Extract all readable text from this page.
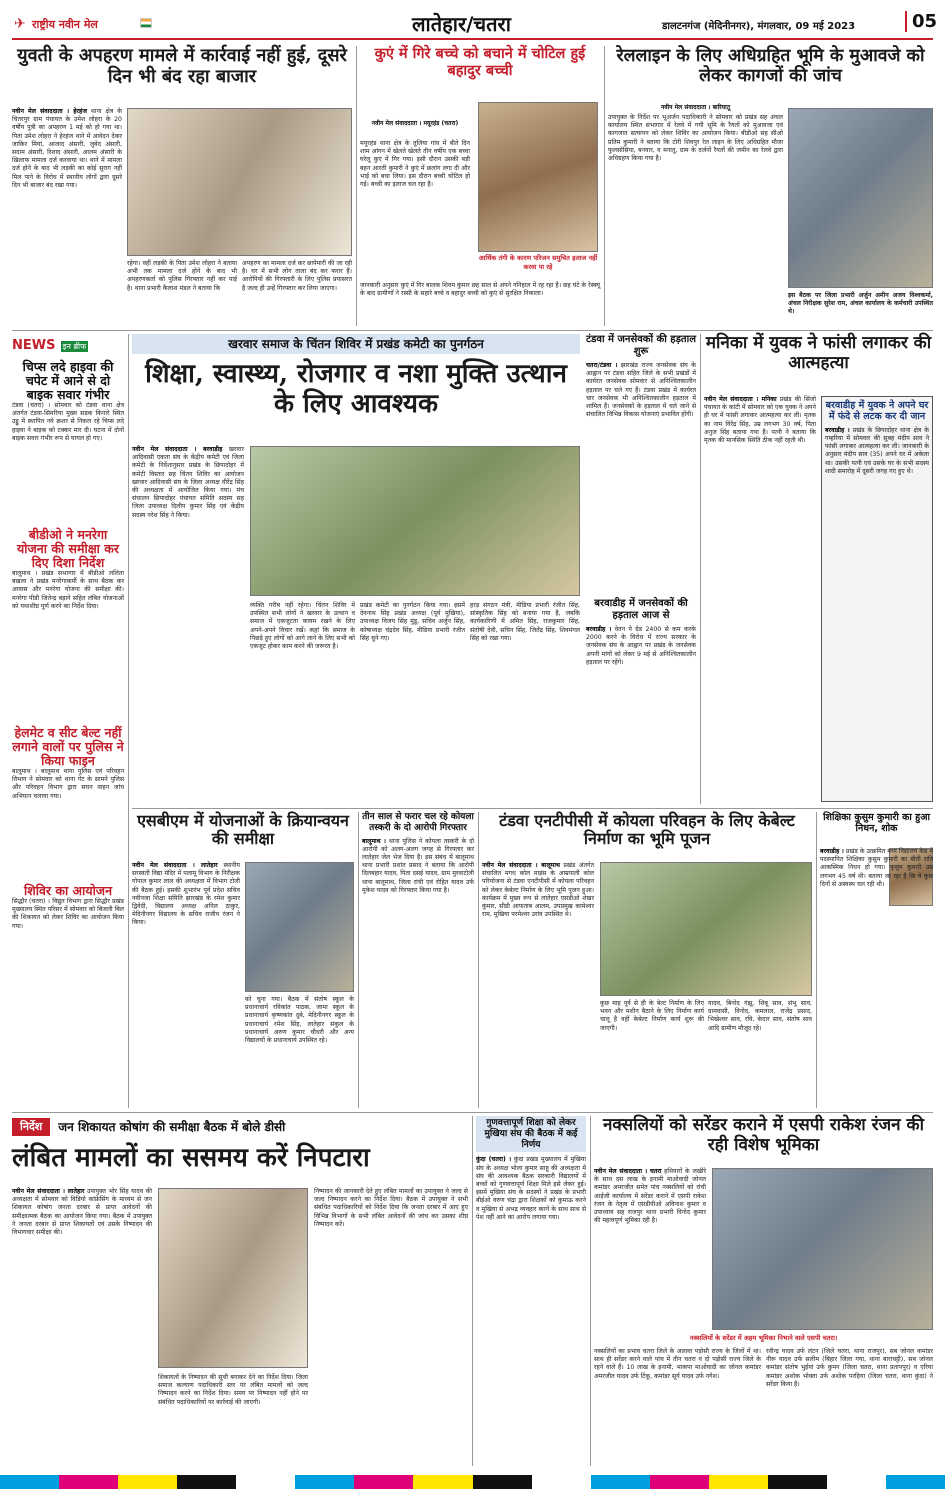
✈ राष्ट्रीय नवीन मेल	लातेहार/चतरा	डालटनगंज (मेदिनीनगर), मंगलवार, 09 मई 2023	05
युवती के अपहरण मामले में कार्रवाई नहीं हुई, दूसरे दिन भी बंद रहा बाजार
नवीन मेल संवाददाता । हेरहंज थाना क्षेत्र के चितरपुर ग्राम पंचायत के उमेश लोहरा के 20 वर्षीय पुत्री का अपहरण 1 मई को हो गया था। पिता उमेश लोहरा ने हेरहंज थाने में आवेदन देकर जाकिर मियां, आजाद अंसारी, जुबेद अंसारी, सदाम अंसारी, रिशाद अंसारी, आलम अंसारी के खिलाफ मामला दर्ज करवाया था। थाने में मामला दर्ज होने के बाद भी लड़की का कोई सुराग नहीं मिल पाने के विरोध में स्थानीय लोगों द्वारा दूसरे दिन भी बाजार बंद रखा गया।
रहेगा। वहीं लड़की के पिता उमेश लोहरा ने बताया अभी तक मामला दर्ज होने के बाद भी अपहरणकर्ता को पुलिस गिरफ्तार नहीं कर पाई है। थाना प्रभारी कैलाश मंडल ने बताया कि
अपहरण का मामला दर्ज कर छापेमारी की जा रही है। घर में सभी लोग ताला बंद कर फरार हैं। आरोपियों की गिरफ्तारी के लिए पुलिस प्रयासरत है जल्द ही उन्हें गिरफ्तार कर लिया जाएगा।
कुएं में गिरे बच्चे को बचाने में चोटिल हुई बहादुर बच्ची
नवीन मेल संवाददाता । मयूरहंड (चतरा)
मयूरहंड थाना क्षेत्र के तुलिया गांव में बीते दिन शाम आंगन में खेलते खेलते तीन वर्षीय एक बच्चा घरेलू कुएं में गिर गया। इसी दौरान उसकी बड़ी बहन आरती कुमारी ने कुएं में छलांग लगा दी और भाई को बचा लिया। इस दौरान बच्ची चोटिल हो गई। बच्ची का इलाज चल रहा है।
आर्थिक तंगी के कारण परिजन समुचित इलाज नहीं करवा पा रहे
जानकारी अनुसार कुएं में गिर बालक शिवम कुमार छह साल से अपने ननिहाल में रह रहा है। छह घंटे के रेस्क्यू के बाद ग्रामीणों ने रस्सी के सहारे बच्चे व बहादुर बच्ची को कुएं से सुरक्षित निकाला।
रेललाइन के लिए अधिग्रहित भूमि के मुआवजे को लेकर कागजों की जांच
नवीन मेल संवाददाता । बारियातू
उपायुक्त के निर्देश पर भूअर्जन पदाधिकारी ने सोमवार को प्रखंड सह अंचल कार्यालय स्थित सभागार में रेलवे में गयी भूमि के रैयतों को मुआवजा एवं कागजात सत्यापन को लेकर शिविर का आयोजन किया। बीडीओ सह सीओ प्रतिम कुमारी ने बताया कि टोरी शिवपुर रेल लाइन के लिए अधिग्रहित मौजा फुलसोसिया, बनवार, व मनातू, ग्राम के दर्जनों रैयतों की जमीन का रेलवे द्वारा अधिग्रहण किया गया है।
इस बैठक पर जिला प्रभारी अर्जुन अमीन अजय विश्वकर्मा, अंचल निरीक्षक सुरेश राम, अंचल कार्यालय के कर्मचारी उपस्थित थे।
NEWS इन ब्रीफ
चिप्स लदे हाइवा की चपेट में आने से दो बाइक सवार गंभीर
टंडवा (चतरा) । सोमवार को टंडवा थाना क्षेत्र अंतर्गत टंडवा-सिमरिया मुख्य सड़क किनारे स्थित उड्डु में स्थापित नये क्रशर से निकल रहे चिप्स लदे हाइवा ने बाइक को टक्कर मार दी। घटना में दोनों बाइक सवार गंभीर रूप से घायल हो गए।
बीडीओ ने मनरेगा योजना की समीक्षा कर दिए दिशा निर्देश
बालूमाथ । प्रखंड सभागार में बीडीओ ललिता बखला ने प्रखंड मनरेगाकर्मी के साथ बैठक कर आवास और मनरेगा योजना की समीक्षा की। मनरेगा पीडी जितेन्द्र बड़ाने सहित लंबित योजनाओं को यथाशीघ्र पूर्ण करने का निर्देश दिया।
हेलमेट व सीट बेल्ट नहीं लगाने वालों पर पुलिस ने किया फाइन
बालूमाथ । बालूमाथ थाना पुलिस एवं परिवहन विभाग ने सोमवार को थाना गेट के सामने पुलिस और परिवहन विभाग द्वारा सघन वाहन जांच अभियान चलाया गया।
शिविर का आयोजन
सिद्धौर (चतरा) । विद्युत विभाग द्वारा सिद्धौर प्रखंड मुख्यालय स्थित परिसर में सोमवार को बिजली बिल की शिकायत को लेकर शिविर का आयोजन किया गया।
खरवार समाज के चिंतन शिविर में प्रखंड कमेटी का पुनर्गठन
शिक्षा, स्वास्थ्य, रोजगार व नशा मुक्ति उत्थान के लिए आवश्यक
नवीन मेल संवाददाता । बरवाडीह खरवार आदिवासी एकता संघ के केंद्रीय कमेटी एवं जिला कमेटी के निर्देशानुसार प्रखंड के छिपादोहर में कमेटी विस्तार सह चिंतन शिविर का आयोजन खरवार आदिवासी संघ के जिला अध्यक्ष वीरेंद्र सिंह की अध्यक्षता में आयोजित किया गया। मंच संचालन छिपादोहर पंचायत समिति सदस्य सह जिला उपाध्यक्ष दिलीप कुमार सिंह एवं केंद्रीय सदस्य नरेश सिंह ने किया।
व्यक्ति गरीब नहीं रहेगा। चिंतन शिविर में उपस्थित सभी लोगों ने खरवार के उत्थान व समाज में एकजुटता कायम रखने के लिए अपने-अपने विचार रखें। कहां कि समाज के पिछड़े हुए लोगों को आगे लाने के लिए सभी को एकजुट होकर काम करने की जरूरत है।
प्रखंड कमेटी का पुनर्गठन किया गया। इसमें देवनाथ सिंह प्रखंड अध्यक्ष (पूर्व मुखिया), उपाध्यक्ष विजय सिंह मुंडू, सचिव अर्जुन सिंह, कोषाध्यक्ष चंद्रदेव सिंह, मीडिया प्रभारी रंजीत सिंह चुने गए।
हरड़ संगठन मंत्री, मीडिया प्रभारी रंजीत सिंह, सांस्कृतिक सिंह को बनाया गया है, जबकि कार्यकारिणी में अमित सिंह, राजकुमार सिंह, संतोषी देवी, सचिन सिंह, जितेंद्र सिंह, शिवमंगल सिंह को रखा गया।
टंडवा में जनसेवकों की हड़ताल शुरू
चतरा/टंडवा । झारखंड राज्य जनसेवक संघ के आह्वान पर टंडवा सहित जिले के सभी प्रखंडों में कार्यरत जनसेवक सोमवार से अनिश्चितकालीन हड़ताल पर चले गए हैं। टंडवा प्रखंड में कार्यरत चार जनसेवक भी अनिश्चितकालीन हड़ताल में शामिल हैं। जनसेवकों के हड़ताल में चले जाने से संचालित विभिन्न विकास योजनाएं प्रभावित होंगी।
बरवाडीह में जनसेवकों की हड़ताल आज से
बरवाडीह । वेतन पे ग्रेड 2400 से कम करके 2000 करने के विरोध में राज्य सरकार के जनसेवक संघ के आह्वान पर प्रखंड के जनसेवक अपनी मांगों को लेकर 9 मई से अनिश्चितकालीन हड़ताल पर रहेंगे।
मनिका में युवक ने फांसी लगाकर की आत्महत्या
नवीन मेल संवाददाता । मनिका प्रखंड की सिंजो पंचायत के कांटी में सोमवार को एक युवक ने अपने ही घर में फांसी लगाकर आत्महत्या कर ली। मृतक का नाम विरेंद्र सिंह, उम्र लगभग 30 वर्ष, पिता अनुज सिंह बताया गया है। पत्नी ने बताया कि मृतक की मानसिक स्थिति ठीक नहीं रहती थी।
बरवाडीह में युवक ने अपने घर में फंदे से लटक कर दी जान
बरवाडीह । प्रखंड के छिपादोहर थाना क्षेत्र के गम्हरिया में सोमवार की सुबह मंदीप साव ने फांसी लगाकर आत्महत्या कर ली। जानकारी के अनुसार मंदीप साव (35) अपने घर में अकेला था। उसकी पत्नी एवं उसके घर के सभी सदस्य शादी समारोह में दूसरी जगह गए हुए थे।
एसबीएम में योजनाओं के क्रियान्वयन की समीक्षा
नवीन मेल संवाददाता । लातेहार स्थानीय सरस्वती विद्या मंदिर में पलामू विभाग के निरीक्षक गोपाल कुमार लाल की अध्यक्षता में विभाग टोली की बैठक हुई। इसकी शुभारंभ पूर्व प्रदेश सचिव नवीनजा शिक्षा समिति झारखंड के रमेश कुमार द्विवेदी, विद्यालय अध्यक्ष अनिल ठाकुर, मेदिनीनगर विद्यालय के सचिव राजीव रंजन ने किया।
को चुना गया। बैठक में संतोष स्कूल के प्रधानाचार्य रविकांत पाठक, जामा स्कूल के प्रधानाचार्य कृष्णकांत दुबे, मेदिनीनगर स्कूल के प्रधानाचार्य रमेश सिंह, लातेहार संकुल के प्रधानाचार्य अरुण कुमार चौधरी और अन्य विद्यालयों के प्रधानाचार्य उपस्थित रहे।
तीन साल से फरार चल रहे कोयला तस्करी के दो आरोपी गिरफ्तार
बालूमाथ । थाना पुलिस ने कोयला तस्करी के दो आरोपी को अलग-अलग जगह से गिरफ्तार कर लातेहार जेल भेज दिया है। इस संबंध में बालूमाथ थाना प्रभारी प्रशांत प्रसाद ने बताया कि आरोपी दिलबहार यादव, पिता दसई यादव, ग्राम मुरवाटोली थाना बालूमाथ, जिला रांची एवं रोहित यादव उर्फ मुकेश यादव को गिरफ्तार किया गया है।
टंडवा एनटीपीसी में कोयला परिवहन के लिए केबेल्ट निर्माण का भूमि पूजन
नवीन मेल संवाददाता । बालूमाथ प्रखंड अंतर्गत संचालित मगध कोल माइंस के आम्रपाली कोल परियोजना से टंडवा एनटीपीसी में कोयला परिवहन को लेकर केबेल्ट निर्माण के लिए भूमि पूजन हुआ। कार्यक्रम में मुख्य रूप से लातेहार एसडीओ शेखर कुमार, सीडी आफताब आलम, उपप्रमुख कामेश्वर राम, मुखिया परमेश्वर उरांव उपस्थित थे।
कुछ माह पूर्व से ही के बेल्ट निर्माण के लिए भवन और मशीन बैठाने के लिए निर्माण कार्य चालू है वहीं केबेल्ट निर्माण कार्य शुरू की जाएगी।
यादव, बिनोद गंझू, शिबू साव, संभू साव, ग्रामवासी, विनोद, कमलाल, राजेंद्र प्रसाद, भिखेश्वर साव, रवि, केदार साव, संतोष साव आदि ग्रामीण मौजूद रहे।
शिक्षिका कुसुम कुमारी का हुआ निधन, शोक
बरवाडीह । प्रखंड के उत्क्रमित मध्य विद्यालय केड में पदस्थापित शिक्षिका कुसुम कुमारी का बीती रात्रि आकस्मिक निधन हो गया। कुसुम कुमारी उम्र लगभग 45 वर्ष थी। बताया जा रहा है कि वे कुछ दिनों से अस्वस्थ चल रही थी।
निर्देश	जन शिकायत कोषांग की समीक्षा बैठक में बोले डीसी
लंबित मामलों का ससमय करें निपटारा
नवीन मेल संवाददाता । लातेहार उपायुक्त भोर सिंह यादव की अध्यक्षता में सोमवार को विडियो कांफ्रेंसिंग के माध्यम से जन शिकायत कोषांग जनता दरबार से प्राप्त आवेदनों की समीक्षात्मक बैठक का आयोजन किया गया। बैठक में उपायुक्त ने जनता दरबार से प्राप्त शिकायतों एवं उसके निष्पादन की विभागवार समीक्षा की।
शिकायतों के निष्पादन की सूची बनाकर देने का निर्देश दिया। जिला समाज कल्याण पदाधिकारी स्तर पर लंबित मामलों को जल्द निष्पादन करने का निर्देश दिया। समय पर निष्पादन नहीं होने पर संबंधित पदाधिकारियों पर कार्रवाई की जाएगी।
निष्पादन की जानकारी देते हुए लंबित मामलों का उपायुक्त ने जल्द से जल्द निष्पादन करने का निर्देश दिया। बैठक में उपायुक्त ने सभी संबंधित पदाधिकारियों को निर्देश दिया कि जनता दरबार में आए हुए विभिन्न विभागों के सभी लंबित आवेदनों की जांच कर उसका शीघ्र निष्पादन करें।
गुणवत्तापूर्ण शिक्षा को लेकर मुखिया संघ की बैठक में कई निर्णय
कुंदा (चतरा) । कुंदा प्रखंड मुख्यालय में मुखिया संघ के अध्यक्ष भोला कुमार साहू की अध्यक्षता में संघ की आवश्यक बैठक सरकारी विद्यालयों में बच्चों को गुणवत्तापूर्ण शिक्षा मिले इसे लेकर हुई। इसमें मुखिया संघ के सदस्यों ने प्रखंड के प्रभारी बीईओ वरुण चंद्रा द्वारा शिक्षकों को कुमाऊ करने व मुखिया से अभद्र व्यवहार करने के साथ साथ से पेश नहीं आने का आरोप लगाया गया।
नक्सलियों को सरेंडर कराने में एसपी राकेश रंजन की रही विशेष भूमिका
नवीन मेल संवाददाता । चतरा हथियारों के जखीरे के साथ दस लाख के इनामी माओवादी जोनल कमांडर अमरजीत समेत पांच नक्सलियों को रांची आईजी कार्यालय में सरेंडर कराने में एसपी राकेश रंजन के नेतृत्व में एसडीपीओ अविनाश कुमार व उपाध्याय सह राजपुर थाना प्रभारी विनोद कुमार की महत्वपूर्ण भूमिका रही है।
नक्सलियों के सरेंडर में अहम भूमिका निभाने वाले एसपी चतरा।
नक्सलियों का प्रभाव चतरा जिले के अलावा पड़ोसी राज्य के जिलों में था। साथ ही सरेंडर करने वाले पांच में तीन चतरा व दो पड़ोसी राज्य जिले के रहने वाले हैं। 10 लाख के इनामी, भाकपा माओवादी का जोनल कमांडर अमरजीत यादव उर्फ टिंकू, कमांडर सूर्य यादव उर्फ नगेश।
रवीन्द्र यादव उर्फ लंटन (जिले चतरा, थाना राजपुर), सब जोनल कमांडर नीरू यादव उर्फ सलीम (बिहार जिला गया, थाना बाराचट्टी), सब जोनल कमांडर संतोष भुईयां उर्फ कुमन (जिला चतरा, थाना प्रतापपुर) व एरिया कमांडर अशोक भोक्ता उर्फ अशोक परहिया (जिला चतरा, थाना कुंदा) ने सरेंडर किया है।
